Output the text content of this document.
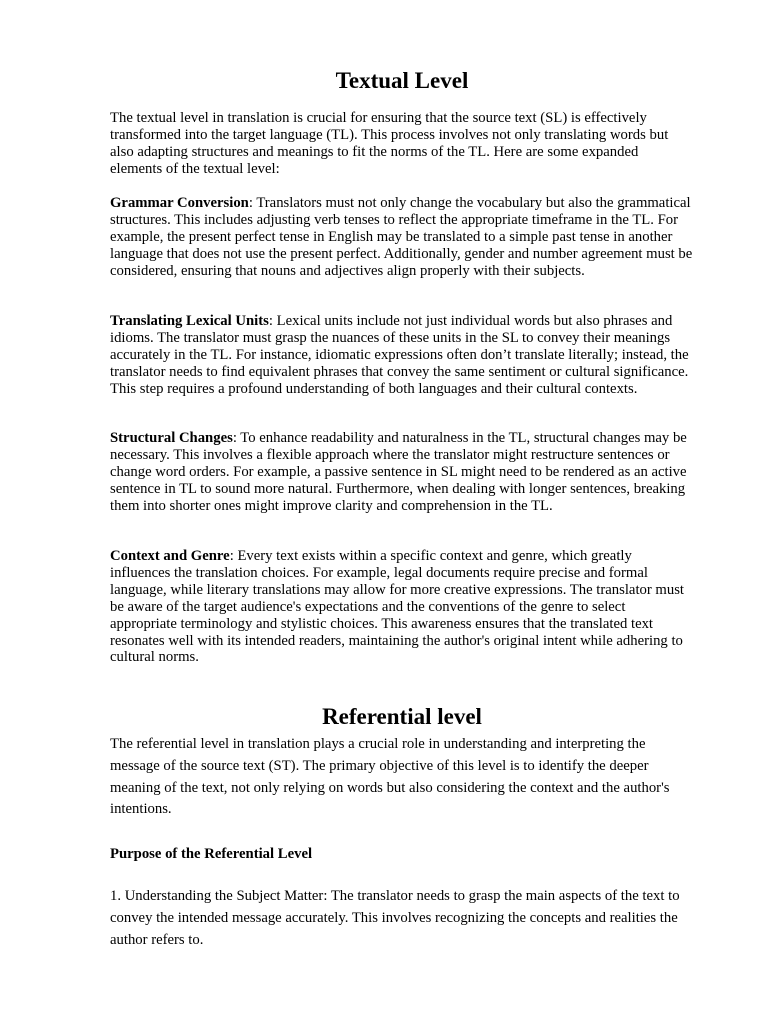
Textual Level

The textual level in translation is crucial for ensuring that the source text (SL) is effectively transformed into the target language (TL). This process involves not only translating words but also adapting structures and meanings to fit the norms of the TL. Here are some expanded elements of the textual level:

Grammar Conversion: Translators must not only change the vocabulary but also the grammatical structures. This includes adjusting verb tenses to reflect the appropriate timeframe in the TL. For example, the present perfect tense in English may be translated to a simple past tense in another language that does not use the present perfect. Additionally, gender and number agreement must be considered, ensuring that nouns and adjectives align properly with their subjects.

Translating Lexical Units: Lexical units include not just individual words but also phrases and idioms. The translator must grasp the nuances of these units in the SL to convey their meanings accurately in the TL. For instance, idiomatic expressions often don’t translate literally; instead, the translator needs to find equivalent phrases that convey the same sentiment or cultural significance. This step requires a profound understanding of both languages and their cultural contexts.

Structural Changes: To enhance readability and naturalness in the TL, structural changes may be necessary. This involves a flexible approach where the translator might restructure sentences or change word orders. For example, a passive sentence in SL might need to be rendered as an active sentence in TL to sound more natural. Furthermore, when dealing with longer sentences, breaking them into shorter ones might improve clarity and comprehension in the TL.

Context and Genre: Every text exists within a specific context and genre, which greatly influences the translation choices. For example, legal documents require precise and formal language, while literary translations may allow for more creative expressions. The translator must be aware of the target audience's expectations and the conventions of the genre to select appropriate terminology and stylistic choices. This awareness ensures that the translated text resonates well with its intended readers, maintaining the author's original intent while adhering to cultural norms.

Referential level

The referential level in translation plays a crucial role in understanding and interpreting the message of the source text (ST). The primary objective of this level is to identify the deeper meaning of the text, not only relying on words but also considering the context and the author's intentions.

Purpose of the Referential Level

1. Understanding the Subject Matter: The translator needs to grasp the main aspects of the text to convey the intended message accurately. This involves recognizing the concepts and realities the author refers to.
